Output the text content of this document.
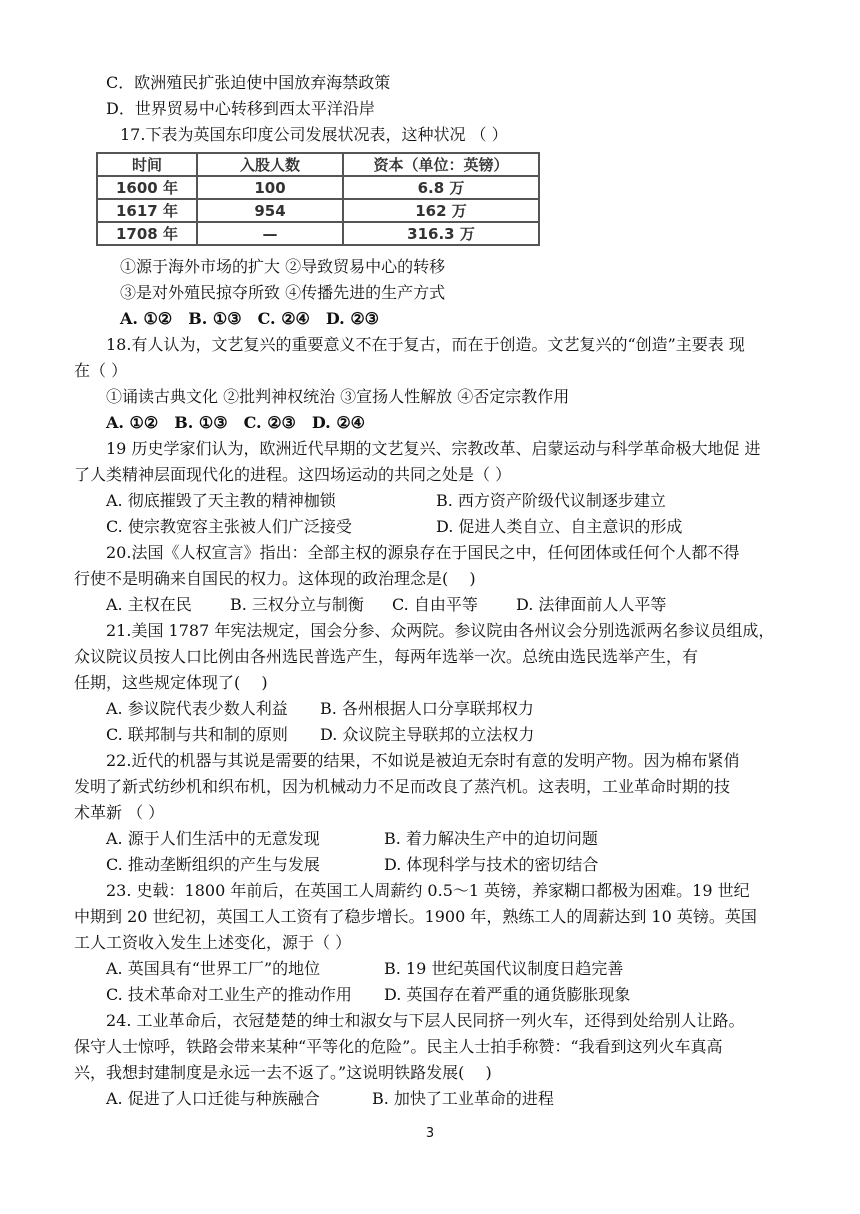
C．欧洲殖民扩张迫使中国放弃海禁政策
D．世界贸易中心转移到西太平洋沿岸
17.下表为英国东印度公司发展状况表，这种状况 （ ）
时间	入股人数	资本（单位：英镑）
1600 年	100	6.8 万
1617 年	954	162 万
1708 年	—	316.3 万
①源于海外市场的扩大 ②导致贸易中心的转移
③是对外殖民掠夺所致 ④传播先进的生产方式
A. ①②　B. ①③　C. ②④　D. ②③
18.有人认为，文艺复兴的重要意义不在于复古，而在于创造。文艺复兴的“创造”主要表 现
在（ ）
①诵读古典文化 ②批判神权统治 ③宣扬人性解放 ④否定宗教作用
A. ①②　B. ①③　C. ②③　D. ②④
19 历史学家们认为，欧洲近代早期的文艺复兴、宗教改革、启蒙运动与科学革命极大地促 进
了人类精神层面现代化的进程。这四场运动的共同之处是（ ）
A. 彻底摧毁了天主教的精神枷锁	B. 西方资产阶级代议制逐步建立
C. 使宗教宽容主张被人们广泛接受	D. 促进人类自立、自主意识的形成
20.法国《人权宣言》指出：全部主权的源泉存在于国民之中，任何团体或任何个人都不得
行使不是明确来自国民的权力。这体现的政治理念是(　 )
A. 主权在民 B. 三权分立与制衡 C. 自由平等 D. 法律面前人人平等
21.美国 1787 年宪法规定，国会分参、众两院。参议院由各州议会分别选派两名参议员组成，
众议院议员按人口比例由各州选民普选产生，每两年选举一次。总统由选民选举产生，有
任期，这些规定体现了(　 )
A. 参议院代表少数人利益 B. 各州根据人口分享联邦权力
C. 联邦制与共和制的原则 D. 众议院主导联邦的立法权力
22.近代的机器与其说是需要的结果，不如说是被迫无奈时有意的发明产物。因为棉布紧俏
发明了新式纺纱机和织布机，因为机械动力不足而改良了蒸汽机。这表明，工业革命时期的技
术革新 （ ）
A. 源于人们生活中的无意发现	B. 着力解决生产中的迫切问题
C. 推动垄断组织的产生与发展	D. 体现科学与技术的密切结合
23. 史载：1800 年前后，在英国工人周薪约 0.5～1 英镑，养家糊口都极为困难。19 世纪
中期到 20 世纪初，英国工人工资有了稳步增长。1900 年，熟练工人的周薪达到 10 英镑。英国
工人工资收入发生上述变化，源于（ ）
A. 英国具有“世界工厂”的地位	B. 19 世纪英国代议制度日趋完善
C. 技术革命对工业生产的推动作用 D. 英国存在着严重的通货膨胀现象
24. 工业革命后，衣冠楚楚的绅士和淑女与下层人民同挤一列火车，还得到处给别人让路。
保守人士惊呼，铁路会带来某种“平等化的危险”。民主人士拍手称赞：“我看到这列火车真高
兴，我想封建制度是永远一去不返了。”这说明铁路发展(　 )
A. 促进了人口迁徙与种族融合	B. 加快了工业革命的进程
3
